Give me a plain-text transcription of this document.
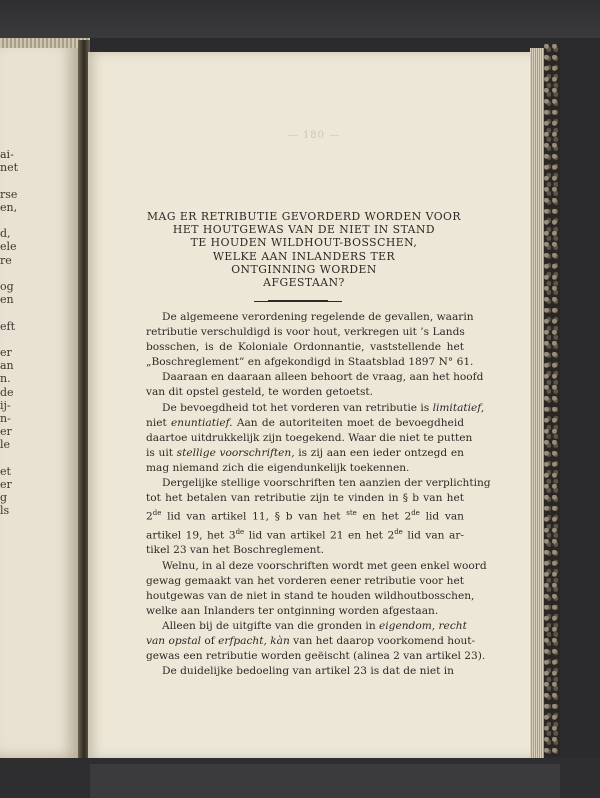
ai-
net
rse
en,
d,
ele
re
og
en
eft
er
an
n.
de
ij-
n-
er
le
et
er
g
ls
— 180 —
MAG ER RETRIBUTIE GEVORDERD WORDEN VOOR
HET HOUTGEWAS VAN DE NIET IN STAND
TE HOUDEN WILDHOUT-BOSSCHEN,
WELKE AAN INLANDERS TER
ONTGINNING WORDEN
AFGESTAAN?
De algemeene verordening regelende de gevallen, waarin
retributie verschuldigd is voor hout, verkregen uit ’s Lands
bosschen, is de Koloniale Ordonnantie, vaststellende het
„Boschreglement” en afgekondigd in Staatsblad 1897 N° 61.
Daaraan en daaraan alleen behoort de vraag, aan het hoofd
van dit opstel gesteld, te worden getoetst.
De bevoegdheid tot het vorderen van retributie is limitatief,
niet enuntiatief. Aan de autoriteiten moet de bevoegdheid
daartoe uitdrukkelijk zijn toegekend. Waar die niet te putten
is uit stellige voorschriften, is zij aan een ieder ontzegd en
mag niemand zich die eigendunkelijk toekennen.
Dergelijke stellige voorschriften ten aanzien der verplichting
tot het betalen van retributie zijn te vinden in § b van het
2de lid van artikel 11, § b van het $^{ste}$ en het 2de lid van
artikel 19, het 3de lid van artikel 21 en het 2de lid van ar-
tikel 23 van het Boschreglement.
Welnu, in al deze voorschriften wordt met geen enkel woord
gewag gemaakt van het vorderen eener retributie voor het
houtgewas van de niet in stand te houden wildhoutbosschen,
welke aan Inlanders ter ontginning worden afgestaan.
Alleen bij de uitgifte van die gronden in eigendom, recht
van opstal of erfpacht, kàn van het daarop voorkomend hout-
gewas een retributie worden geëischt (alinea 2 van artikel 23).
De duidelijke bedoeling van artikel 23 is dat de niet in
